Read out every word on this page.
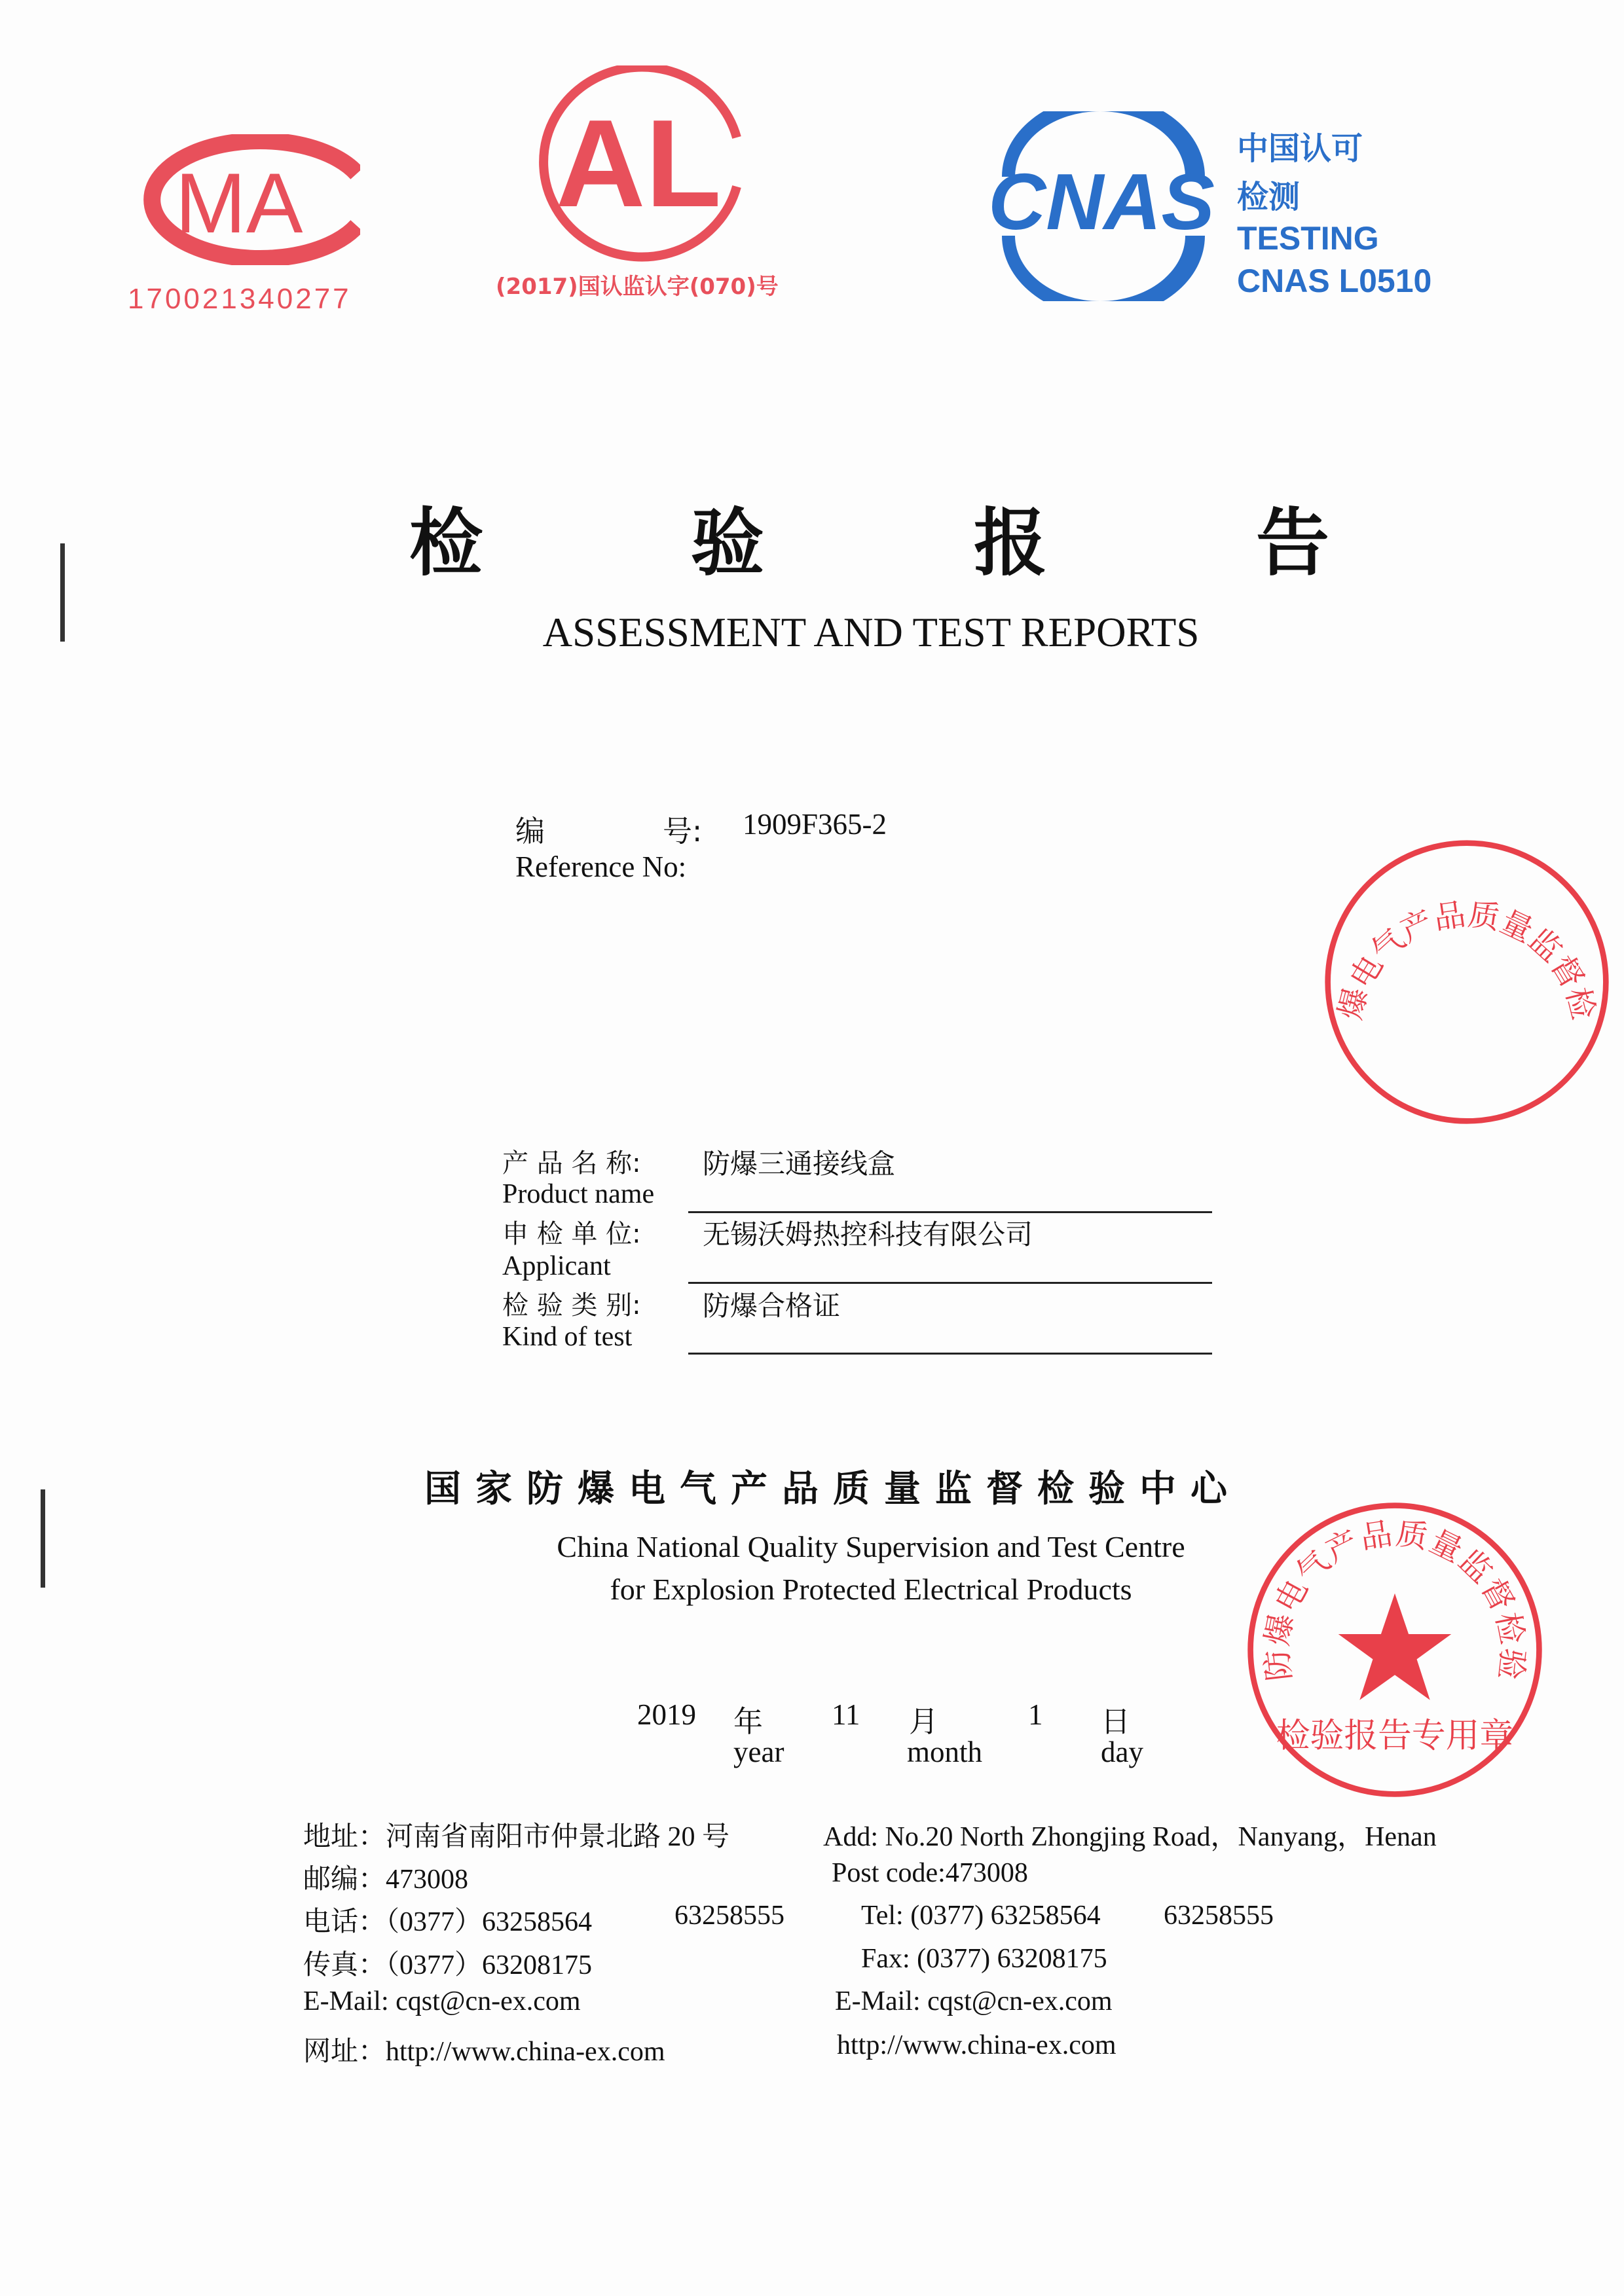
MA
170021340277
AL
(2017)国认监认字(070)号
CNAS
中国认可
检测
TESTING
CNAS L0510
检	验	报	告
ASSESSMENT AND TEST REPORTS
编	号: 1909F365-2
Reference No:
产 品 名 称: 防爆三通接线盒
Product name
申 检 单 位: 无锡沃姆热控科技有限公司
Applicant
检 验 类 别: 防爆合格证
Kind of test
国家防爆电气产品质量监督检验中心
China National Quality Supervision and Test Centre
for Explosion Protected Electrical Products
2019 年
year
11 月
month
1 日
day
地址：河南省南阳市仲景北路 20 号
邮编：473008
电话：（0377）63258564	63258555
传真：（0377）63208175
E-Mail: cqst@cn-ex.com
网址：http://www.china-ex.com
Add: No.20 North Zhongjing Road，Nanyang，Henan
Post code:473008
Tel: (0377) 63258564 63258555
Fax: (0377) 63208175
E-Mail: cqst@cn-ex.com
http://www.china-ex.com
防爆电气产品质量监督检验
检验报告专用章
爆电气产品质量监督检
